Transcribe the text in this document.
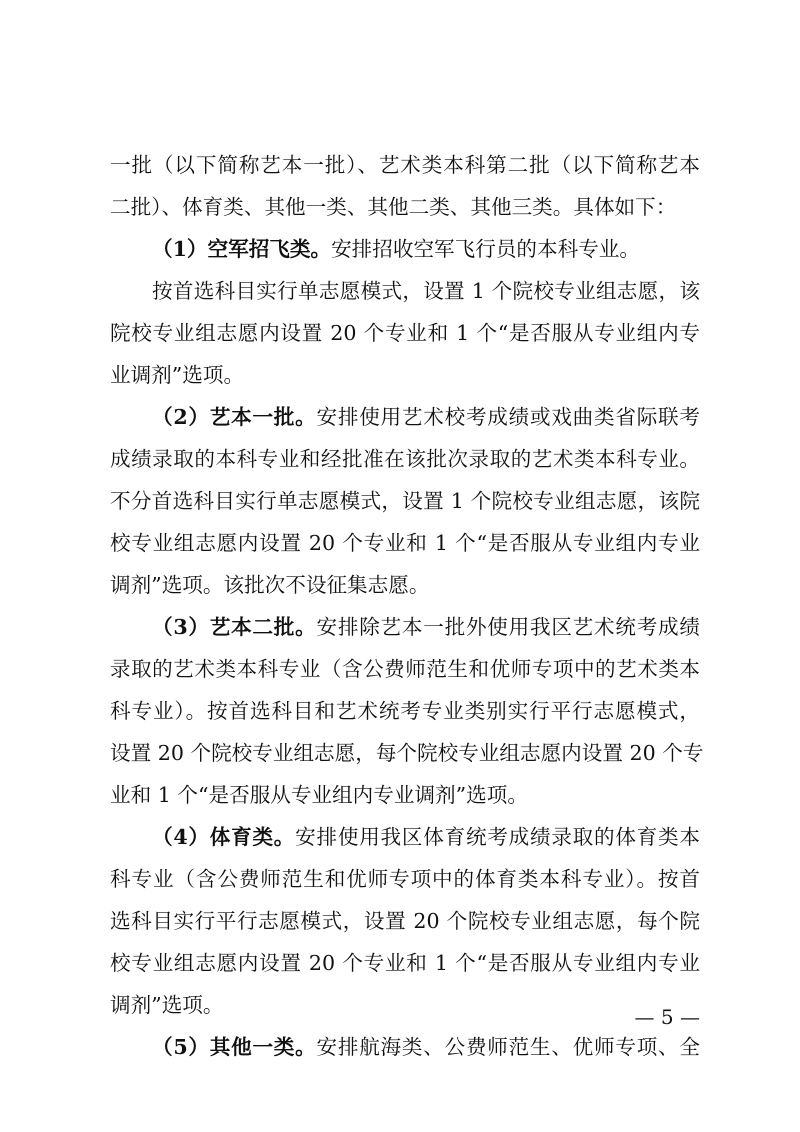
一批（以下简称艺本一批）、艺术类本科第二批（以下简称艺本
二批）、体育类、其他一类、其他二类、其他三类。具体如下：
（1）空军招飞类。安排招收空军飞行员的本科专业。
按首选科目实行单志愿模式，设置 1 个院校专业组志愿，该
院校专业组志愿内设置 20 个专业和 1 个“是否服从专业组内专
业调剂”选项。
（2）艺本一批。安排使用艺术校考成绩或戏曲类省际联考
成绩录取的本科专业和经批准在该批次录取的艺术类本科专业。
不分首选科目实行单志愿模式，设置 1 个院校专业组志愿，该院
校专业组志愿内设置 20 个专业和 1 个“是否服从专业组内专业
调剂”选项。该批次不设征集志愿。
（3）艺本二批。安排除艺本一批外使用我区艺术统考成绩
录取的艺术类本科专业（含公费师范生和优师专项中的艺术类本
科专业）。按首选科目和艺术统考专业类别实行平行志愿模式，
设置 20 个院校专业组志愿，每个院校专业组志愿内设置 20 个专
业和 1 个“是否服从专业组内专业调剂”选项。
（4）体育类。安排使用我区体育统考成绩录取的体育类本
科专业（含公费师范生和优师专项中的体育类本科专业）。按首
选科目实行平行志愿模式，设置 20 个院校专业组志愿，每个院
校专业组志愿内设置 20 个专业和 1 个“是否服从专业组内专业
调剂”选项。
（5）其他一类。安排航海类、公费师范生、优师专项、全
— 5 —
